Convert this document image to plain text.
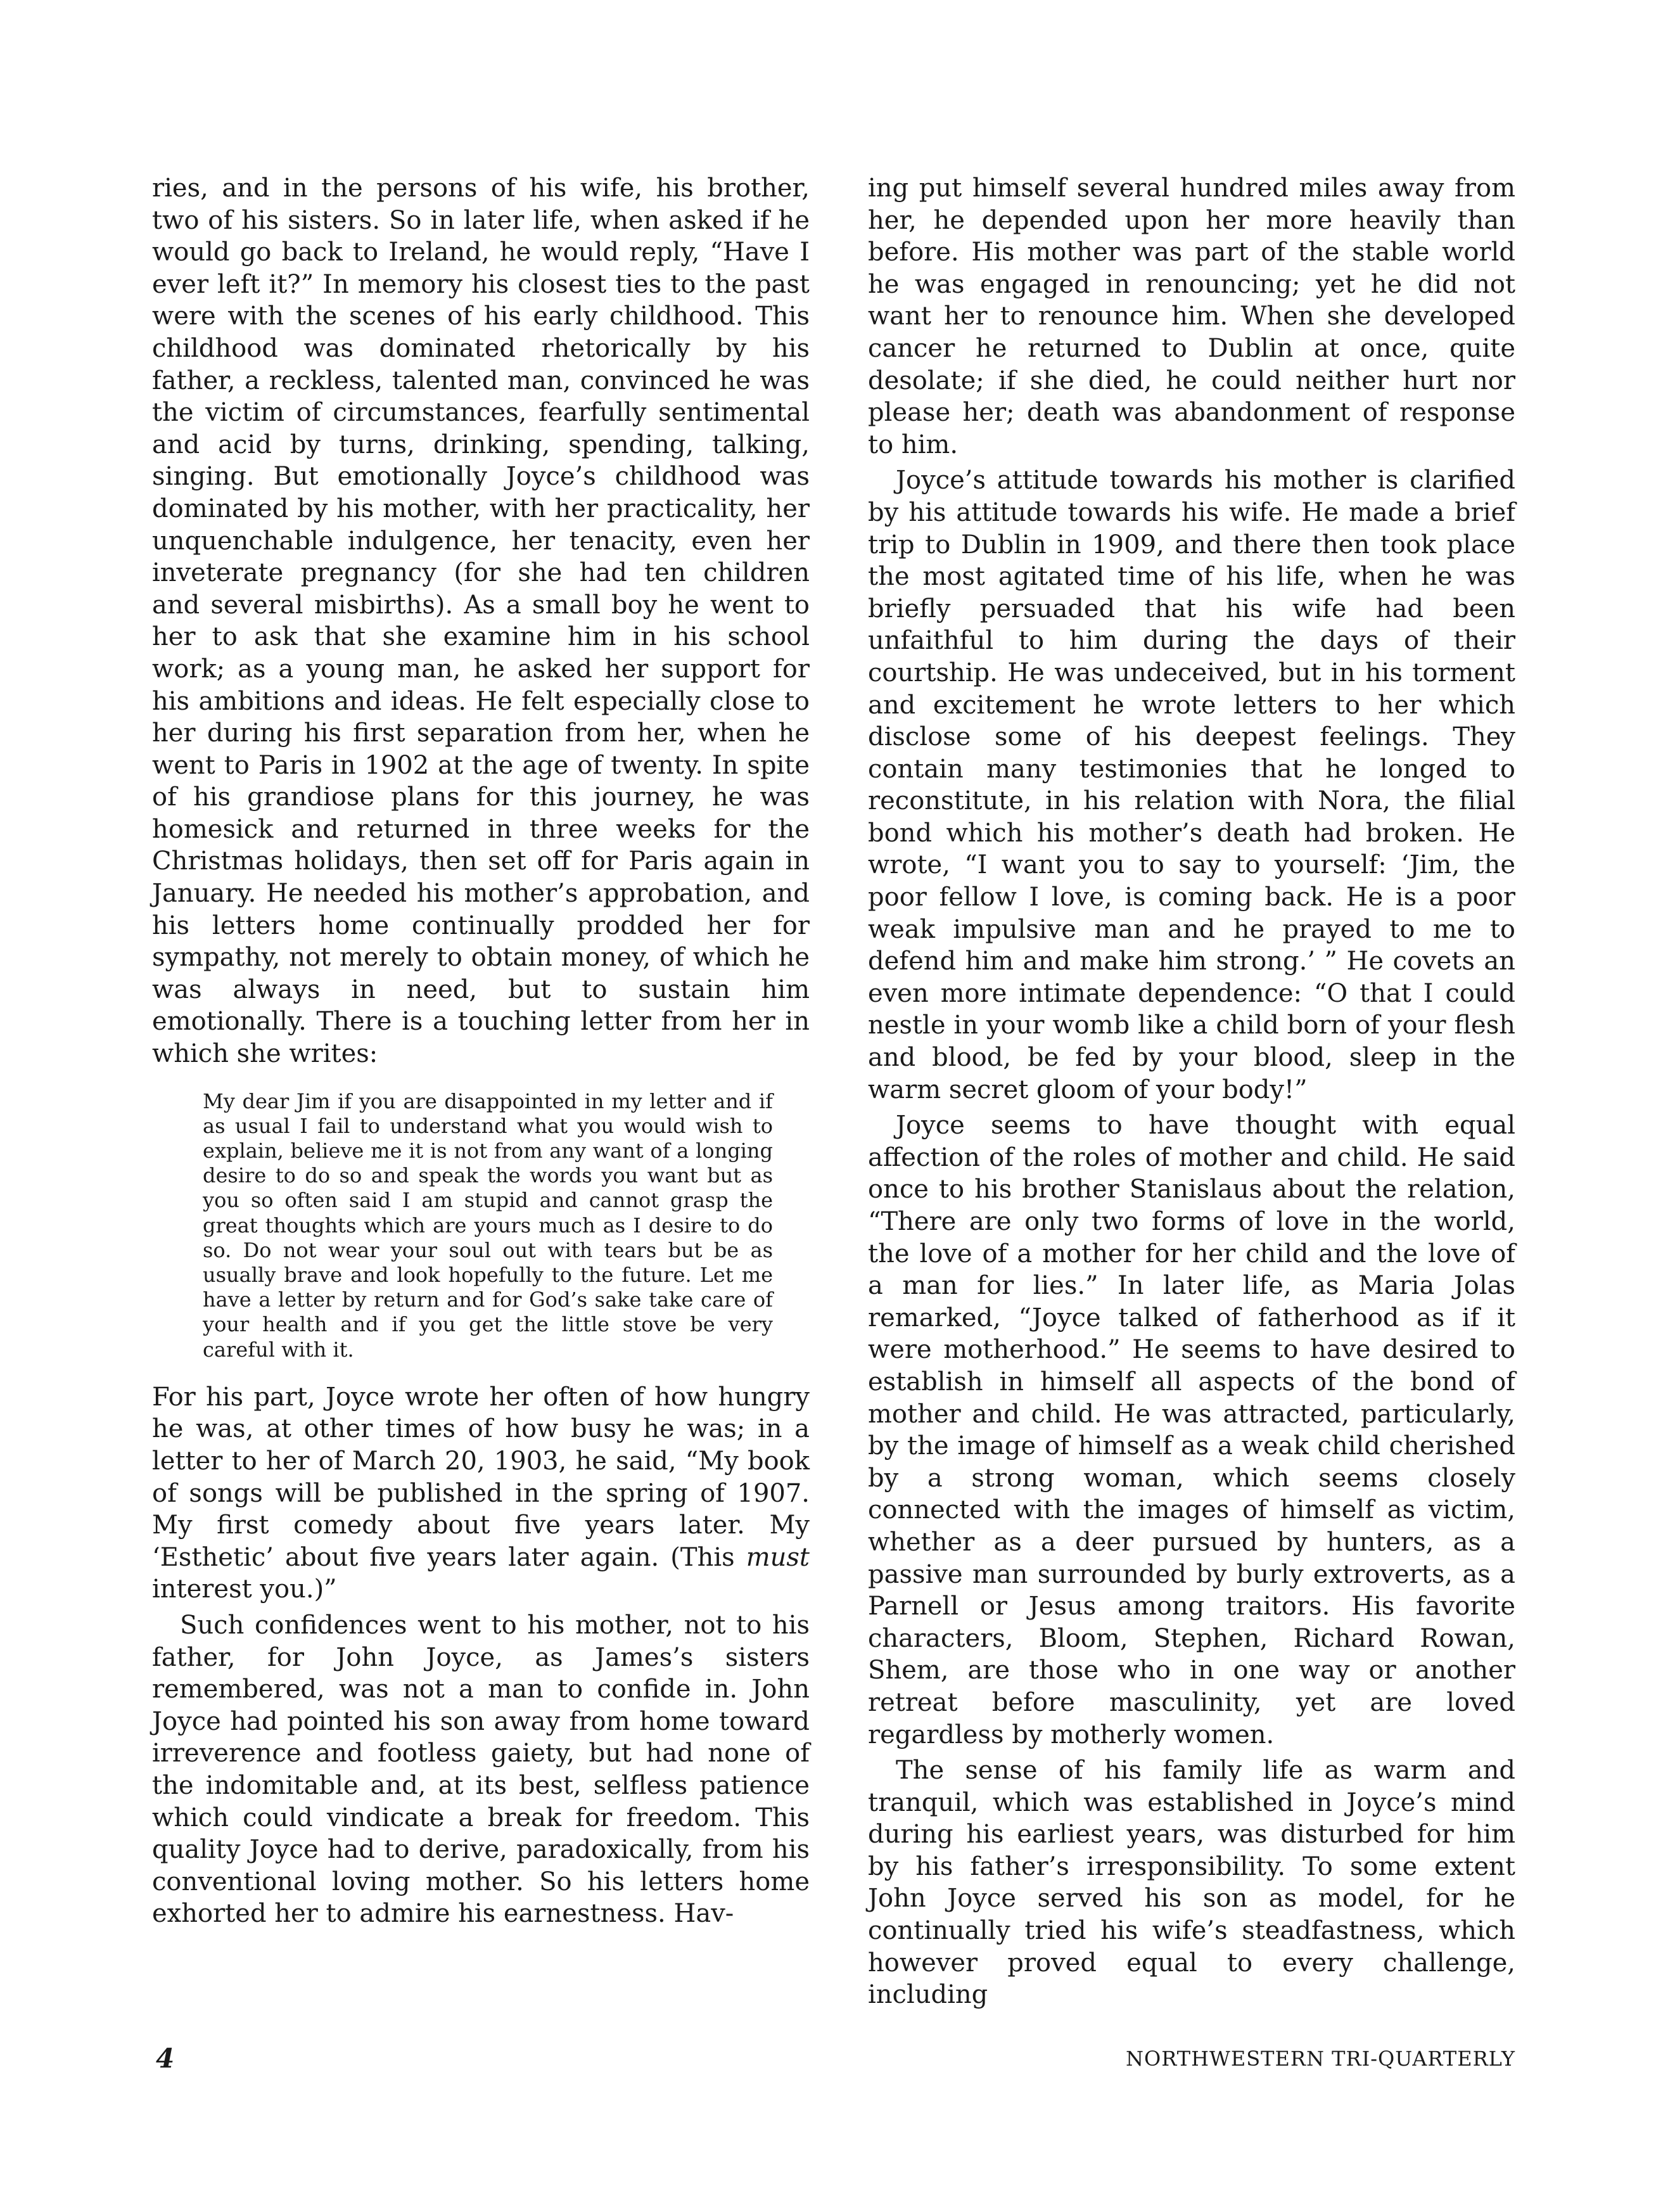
ries, and in the persons of his wife, his brother, two of his sisters. So in later life, when asked if he would go back to Ireland, he would reply, “Have I ever left it?” In memory his closest ties to the past were with the scenes of his early childhood. This childhood was dominated rhetorically by his father, a reckless, talented man, convinced he was the victim of circumstances, fearfully sentimental and acid by turns, drinking, spending, talking, singing. But emotionally Joyce’s childhood was dominated by his mother, with her practicality, her unquenchable indulgence, her tenacity, even her inveterate pregnancy (for she had ten children and several misbirths). As a small boy he went to her to ask that she examine him in his school work; as a young man, he asked her support for his ambitions and ideas. He felt especially close to her during his first separation from her, when he went to Paris in 1902 at the age of twenty. In spite of his grandiose plans for this journey, he was homesick and returned in three weeks for the Christmas holidays, then set off for Paris again in January. He needed his mother’s approbation, and his letters home continually prodded her for sympathy, not merely to obtain money, of which he was always in need, but to sustain him emotionally. There is a touching letter from her in which she writes:

My dear Jim if you are disappointed in my letter and if as usual I fail to understand what you would wish to explain, believe me it is not from any want of a longing desire to do so and speak the words you want but as you so often said I am stupid and cannot grasp the great thoughts which are yours much as I desire to do so. Do not wear your soul out with tears but be as usually brave and look hopefully to the future. Let me have a letter by return and for God’s sake take care of your health and if you get the little stove be very careful with it.

For his part, Joyce wrote her often of how hungry he was, at other times of how busy he was; in a letter to her of March 20, 1903, he said, “My book of songs will be published in the spring of 1907. My first comedy about five years later. My ‘Esthetic’ about five years later again. (This must interest you.)”

Such confidences went to his mother, not to his father, for John Joyce, as James’s sisters remembered, was not a man to confide in. John Joyce had pointed his son away from home toward irreverence and footless gaiety, but had none of the indomitable and, at its best, selfless patience which could vindicate a break for freedom. This quality Joyce had to derive, paradoxically, from his conventional loving mother. So his letters home exhorted her to admire his earnestness. Hav-

ing put himself several hundred miles away from her, he depended upon her more heavily than before. His mother was part of the stable world he was engaged in renouncing; yet he did not want her to renounce him. When she developed cancer he returned to Dublin at once, quite desolate; if she died, he could neither hurt nor please her; death was abandonment of response to him.

Joyce’s attitude towards his mother is clarified by his attitude towards his wife. He made a brief trip to Dublin in 1909, and there then took place the most agitated time of his life, when he was briefly persuaded that his wife had been unfaithful to him during the days of their courtship. He was undeceived, but in his torment and excitement he wrote letters to her which disclose some of his deepest feelings. They contain many testimonies that he longed to reconstitute, in his relation with Nora, the filial bond which his mother’s death had broken. He wrote, “I want you to say to yourself: ‘Jim, the poor fellow I love, is coming back. He is a poor weak impulsive man and he prayed to me to defend him and make him strong.’ ” He covets an even more intimate dependence: “O that I could nestle in your womb like a child born of your flesh and blood, be fed by your blood, sleep in the warm secret gloom of your body!”

Joyce seems to have thought with equal affection of the roles of mother and child. He said once to his brother Stanislaus about the relation, “There are only two forms of love in the world, the love of a mother for her child and the love of a man for lies.” In later life, as Maria Jolas remarked, “Joyce talked of fatherhood as if it were motherhood.” He seems to have desired to establish in himself all aspects of the bond of mother and child. He was attracted, particularly, by the image of himself as a weak child cherished by a strong woman, which seems closely connected with the images of himself as victim, whether as a deer pursued by hunters, as a passive man surrounded by burly extroverts, as a Parnell or Jesus among traitors. His favorite characters, Bloom, Stephen, Richard Rowan, Shem, are those who in one way or another retreat before masculinity, yet are loved regardless by motherly women.

The sense of his family life as warm and tranquil, which was established in Joyce’s mind during his earliest years, was disturbed for him by his father’s irresponsibility. To some extent John Joyce served his son as model, for he continually tried his wife’s steadfastness, which however proved equal to every challenge, including

4	NORTHWESTERN TRI-QUARTERLY
